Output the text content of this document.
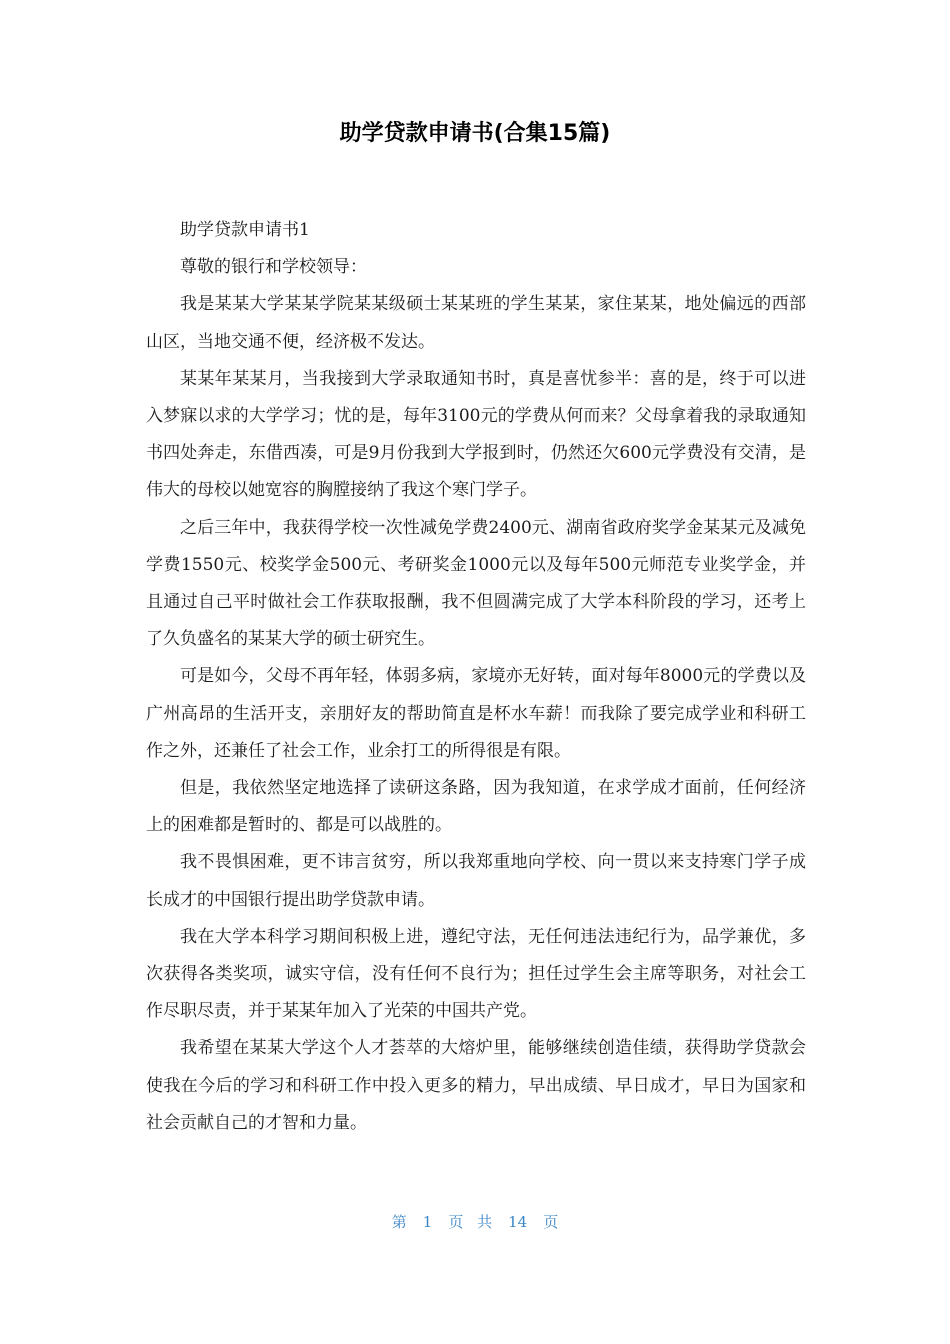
助学贷款申请书(合集15篇)

助学贷款申请书1

尊敬的银行和学校领导：

我是某某大学某某学院某某级硕士某某班的学生某某，家住某某，地处偏远的西部山区，当地交通不便，经济极不发达。

某某年某某月，当我接到大学录取通知书时，真是喜忧参半：喜的是，终于可以进入梦寐以求的大学学习；忧的是，每年3100元的学费从何而来？父母拿着我的录取通知书四处奔走，东借西凑，可是9月份我到大学报到时，仍然还欠600元学费没有交清，是伟大的母校以她宽容的胸膛接纳了我这个寒门学子。

之后三年中，我获得学校一次性减免学费2400元、湖南省政府奖学金某某元及减免学费1550元、校奖学金500元、考研奖金1000元以及每年500元师范专业奖学金，并且通过自己平时做社会工作获取报酬，我不但圆满完成了大学本科阶段的学习，还考上了久负盛名的某某大学的硕士研究生。

可是如今，父母不再年轻，体弱多病，家境亦无好转，面对每年8000元的学费以及广州高昂的生活开支，亲朋好友的帮助简直是杯水车薪！而我除了要完成学业和科研工作之外，还兼任了社会工作，业余打工的所得很是有限。

但是，我依然坚定地选择了读研这条路，因为我知道，在求学成才面前，任何经济上的困难都是暂时的、都是可以战胜的。

我不畏惧困难，更不讳言贫穷，所以我郑重地向学校、向一贯以来支持寒门学子成长成才的中国银行提出助学贷款申请。

我在大学本科学习期间积极上进，遵纪守法，无任何违法违纪行为，品学兼优，多次获得各类奖项，诚实守信，没有任何不良行为；担任过学生会主席等职务，对社会工作尽职尽责，并于某某年加入了光荣的中国共产党。

我希望在某某大学这个人才荟萃的大熔炉里，能够继续创造佳绩，获得助学贷款会使我在今后的学习和科研工作中投入更多的精力，早出成绩、早日成才，早日为国家和社会贡献自己的才智和力量。

第 1 页 共 14 页
